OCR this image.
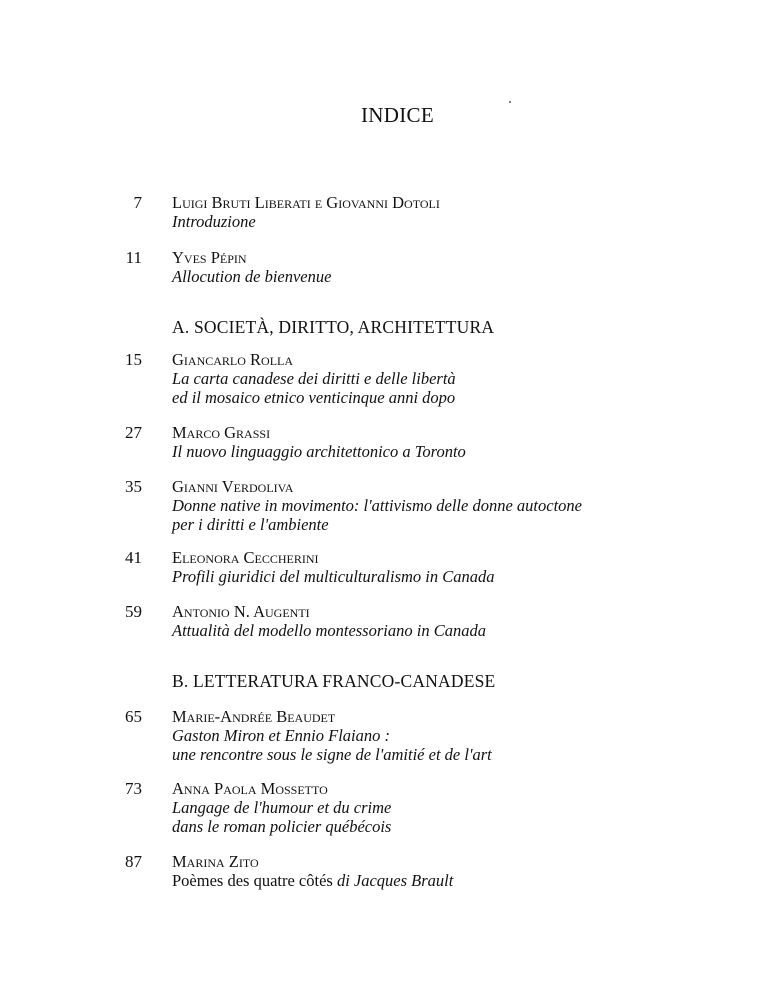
INDICE
7 Luigi Bruti Liberati e Giovanni Dotoli
Introduzione
11 Yves Pépin
Allocution de bienvenue
A. SOCIETÀ, DIRITTO, ARCHITETTURA
15 Giancarlo Rolla
La carta canadese dei diritti e delle libertà
ed il mosaico etnico venticinque anni dopo
27 Marco Grassi
Il nuovo linguaggio architettonico a Toronto
35 Gianni Verdoliva
Donne native in movimento: l'attivismo delle donne autoctone
per i diritti e l'ambiente
41 Eleonora Ceccherini
Profili giuridici del multiculturalismo in Canada
59 Antonio N. Augenti
Attualità del modello montessoriano in Canada
B. LETTERATURA FRANCO-CANADESE
65 Marie-Andrée Beaudet
Gaston Miron et Ennio Flaiano :
une rencontre sous le signe de l'amitié et de l'art
73 Anna Paola Mossetto
Langage de l'humour et du crime
dans le roman policier québécois
87 Marina Zito
Poèmes des quatre côtés di Jacques Brault
